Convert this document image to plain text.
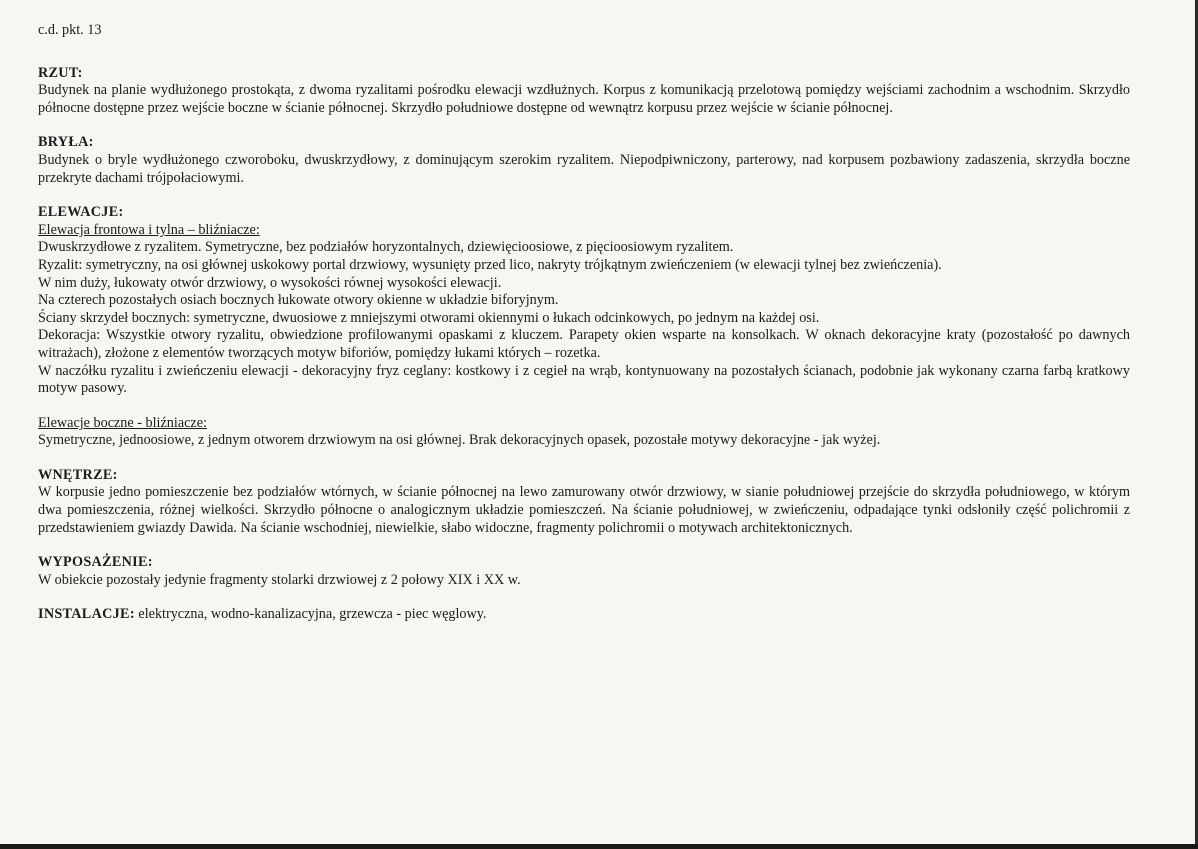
c.d. pkt. 13
RZUT:
Budynek na planie wydłużonego prostokąta, z dwoma ryzalitami pośrodku elewacji wzdłużnych. Korpus z komunikacją przelotową pomiędzy wejściami zachodnim a wschodnim. Skrzydło północne dostępne przez wejście boczne w ścianie północnej. Skrzydło południowe dostępne od wewnątrz korpusu przez wejście w ścianie północnej.
BRYŁA:
Budynek o bryle wydłużonego czworoboku, dwuskrzydłowy, z dominującym szerokim ryzalitem. Niepodpiwniczony, parterowy, nad korpusem pozbawiony zadaszenia, skrzydła boczne przekryte dachami trójpołaciowymi.
ELEWACJE:
Elewacja frontowa i tylna – bliźniacze:
Dwuskrzydłowe z ryzalitem. Symetryczne, bez podziałów horyzontalnych, dziewięcioosiowe, z pięcioosiowym ryzalitem.
Ryzalit: symetryczny, na osi głównej uskokowy portal drzwiowy, wysunięty przed lico, nakryty trójkątnym zwieńczeniem (w elewacji tylnej bez zwieńczenia).
W nim duży, łukowaty otwór drzwiowy, o wysokości równej wysokości elewacji.
Na czterech pozostałych osiach bocznych łukowate otwory okienne w układzie biforyjnym.
Ściany skrzydeł bocznych: symetryczne, dwuosiowe z mniejszymi otworami okiennymi o łukach odcinkowych, po jednym na każdej osi.
Dekoracja: Wszystkie otwory ryzalitu, obwiedzione profilowanymi opaskami z kluczem. Parapety okien wsparte na konsolkach. W oknach dekoracyjne kraty (pozostałość po dawnych witrażach), złożone z elementów tworzących motyw biforiów, pomiędzy łukami których – rozetka.
W naczółku ryzalitu i zwieńczeniu elewacji - dekoracyjny fryz ceglany: kostkowy i z cegieł na wrąb, kontynuowany na pozostałych ścianach, podobnie jak wykonany czarna farbą kratkowy motyw pasowy.
Elewacje boczne - bliźniacze:
Symetryczne, jednoosiowe, z jednym otworem drzwiowym na osi głównej. Brak dekoracyjnych opasek, pozostałe motywy dekoracyjne - jak wyżej.
WNĘTRZE:
W korpusie jedno pomieszczenie bez podziałów wtórnych, w ścianie północnej na lewo zamurowany otwór drzwiowy, w sianie południowej przejście do skrzydła południowego, w którym dwa pomieszczenia, różnej wielkości. Skrzydło północne o analogicznym układzie pomieszczeń. Na ścianie południowej, w zwieńczeniu, odpadające tynki odsłoniły część polichromii z przedstawieniem gwiazdy Dawida. Na ścianie wschodniej, niewielkie, słabo widoczne, fragmenty polichromii o motywach architektonicznych.
WYPOSAŻENIE:
W obiekcie pozostały jedynie fragmenty stolarki drzwiowej z 2 połowy XIX i XX w.
INSTALACJE: elektryczna, wodno-kanalizacyjna, grzewcza - piec węglowy.
